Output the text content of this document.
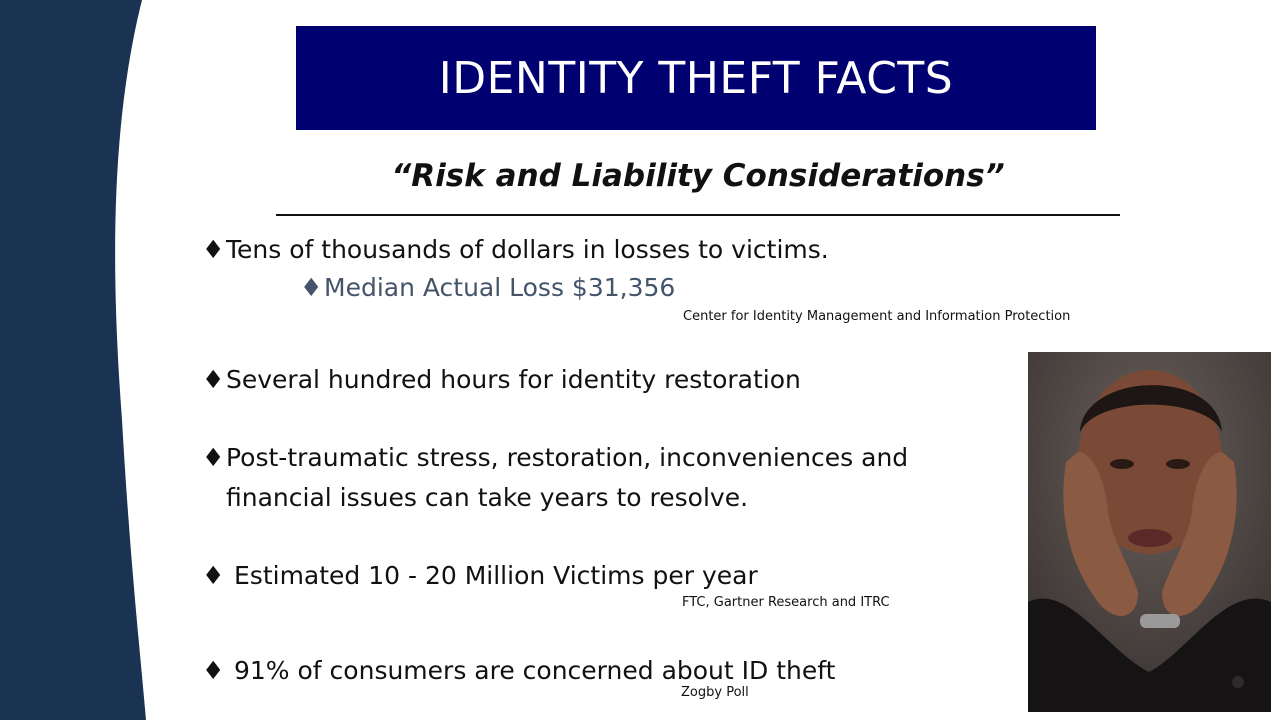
IDENTITY THEFT FACTS
“Risk and Liability Considerations”
♦Tens of thousands of dollars in losses to victims.
♦Median Actual Loss $31,356
Center for Identity Management and Information Protection
♦Several hundred hours for identity restoration
♦Post-traumatic stress, restoration, inconveniences and
financial issues can take years to resolve.
♦ Estimated 10 - 20 Million Victims per year
FTC, Gartner Research and ITRC
♦ 91% of consumers are concerned about ID theft
Zogby Poll
